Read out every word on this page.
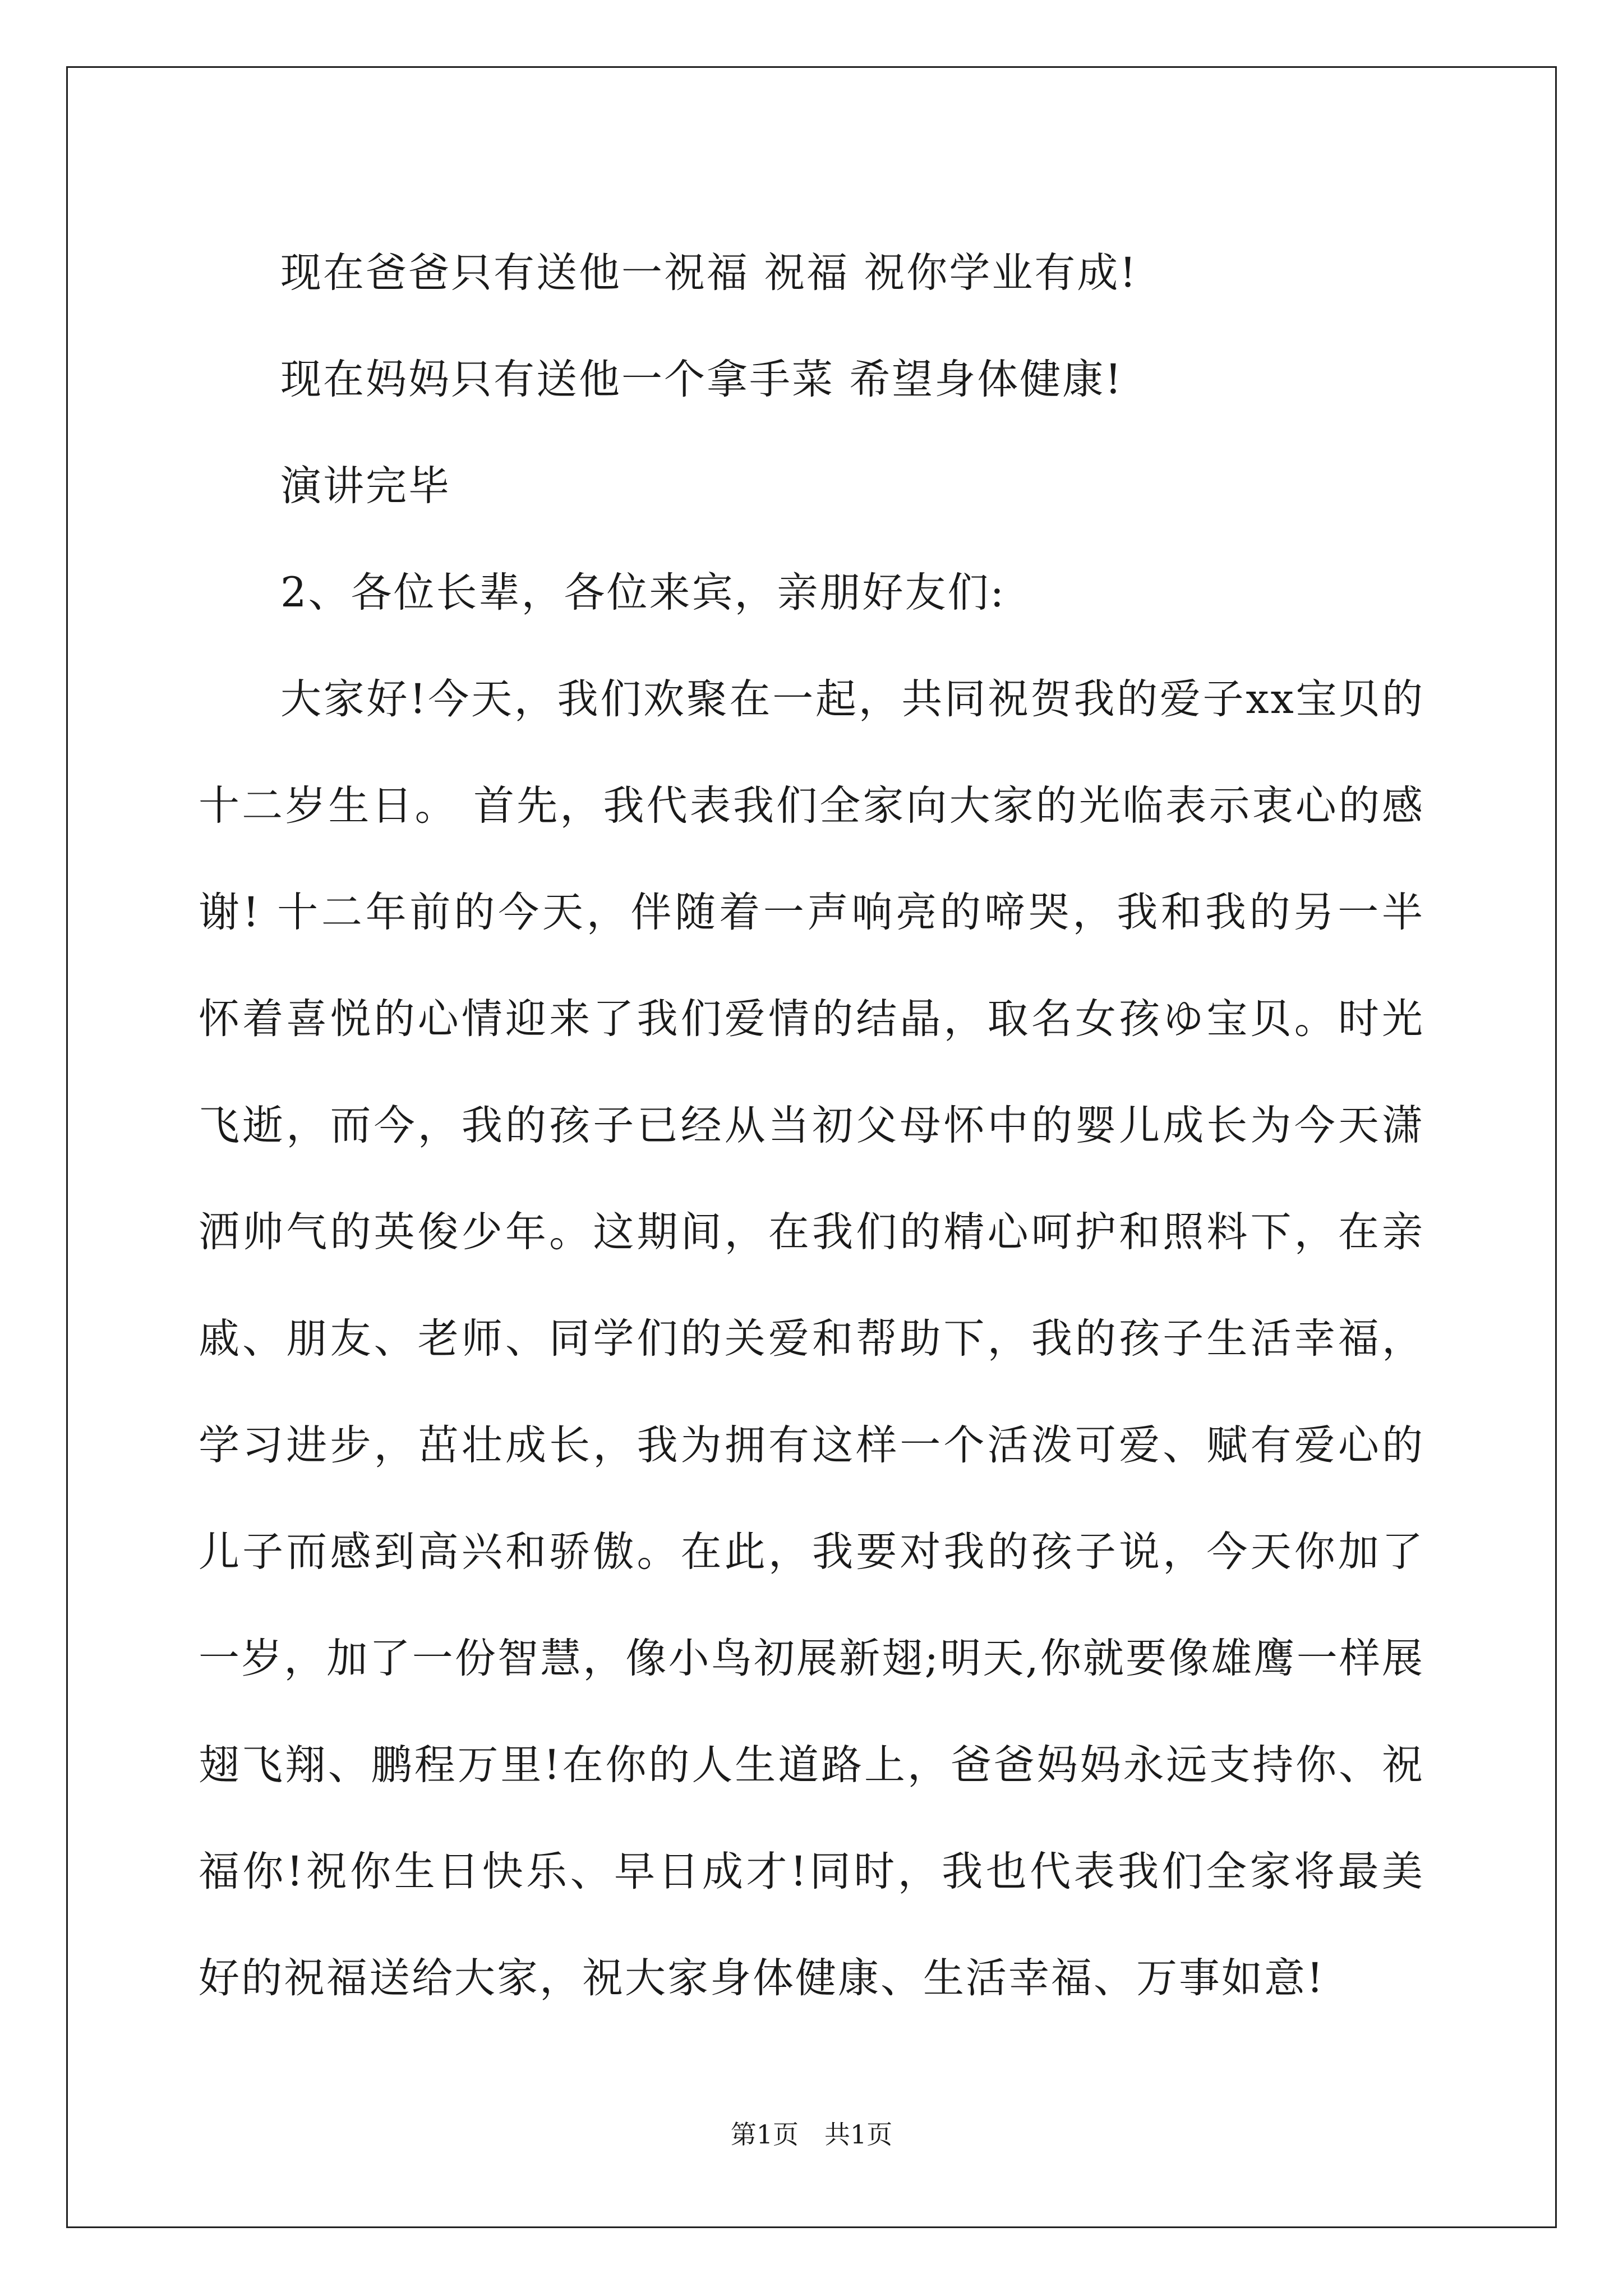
现在爸爸只有送他一祝福 祝福 祝你学业有成!

现在妈妈只有送他一个拿手菜 希望身体健康!

演讲完毕

2、各位长辈，各位来宾，亲朋好友们:

大家好!今天，我们欢聚在一起，共同祝贺我的爱子xx宝贝的十二岁生日。 首先，我代表我们全家向大家的光临表示衷心的感谢! 十二年前的今天，伴随着一声响亮的啼哭，我和我的另一半怀着喜悦的心情迎来了我们爱情的结晶，取名女孩ゆ宝贝。时光飞逝，而今，我的孩子已经从当初父母怀中的婴儿成长为今天潇洒帅气的英俊少年。这期间，在我们的精心呵护和照料下，在亲戚、朋友、老师、同学们的关爱和帮助下，我的孩子生活幸福，学习进步，茁壮成长，我为拥有这样一个活泼可爱、赋有爱心的儿子而感到高兴和骄傲。在此，我要对我的孩子说，今天你加了一岁，加了一份智慧，像小鸟初展新翅;明天,你就要像雄鹰一样展翅飞翔、鹏程万里!在你的人生道路上，爸爸妈妈永远支持你、祝福你!祝你生日快乐、早日成才!同时，我也代表我们全家将最美好的祝福送给大家，祝大家身体健康、生活幸福、万事如意!

第1页 共1页
